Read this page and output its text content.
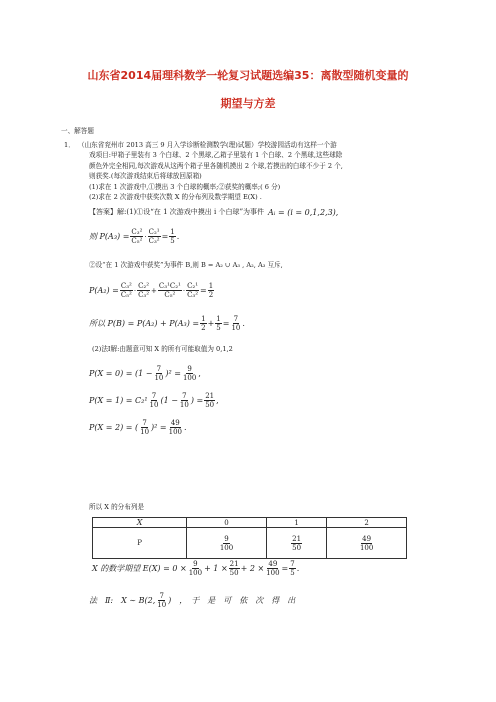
山东省2014届理科数学一轮复习试题选编35：离散型随机变量的
期望与方差
一、解答题
1． （山东省兖州市 2013 高三 9 月入学诊断检测数学(理)试题）学校游园活动有这样一个游
戏项目:甲箱子里装有 3 个白球、2 个黑球,乙箱子里装有 1 个白球、2 个黑球,这些球除
颜色外完全相同,每次游戏从这两个箱子里各随机摸出 2 个球,若摸出的白球不少于 2 个,
则获奖.(每次游戏结束后将球放回原箱)
(1)求在 1 次游戏中,①摸出 3 个白球的概率;②获奖的概率;( 6 分)
(2)求在 2 次游戏中获奖次数 X 的分布列及数学期望 E(X) .
【答案】解:(1)①设“在 1 次游戏中摸出 i 个白球”为事件 Aᵢ = (i = 0,1,2,3),
则 $P(A_3) = \frac{\text{C₃²}}{\text{C₅²}} \cdot \frac{\text{C₂¹}}{\text{C₃²}} = \frac{1}{5}$ .
②设“在 1 次游戏中获奖”为事件 B,则 B = A₂ ∪ A₃ , A₂, A₃ 互斥,
$P(A_2) = \frac{\text{C₃²}}{\text{C₅²}} \cdot \frac{\text{C₂²}}{\text{C₃²}} + \frac{\text{C₃¹C₂¹}}{\text{C₅²}} \cdot \frac{\text{C₂¹}}{\text{C₃²}} = \frac{1}{2}$
所以 $P(B) = P(A_2) + P(A_3) = \frac{1}{2} + \frac{1}{5} = \frac{7}{10}$ .
(2)法Ⅰ解:由题意可知 X 的所有可能取值为 0,1,2
$P(X = 0) = (1 - \frac{7}{10} )^2 = \frac{9}{100}$ ,
$P(X = 1) = C_2^1 \frac{7}{10} (1 - \frac{7}{10}$ ) = $\frac{21}{50}$ ,
P(X = 2) = ( $\frac{7}{10} )^2 = \frac{49}{100}$ .
所以 X 的分布列是
X	0	1	2
P	$\frac{9}{100}$	$\frac{21}{50}$	$\frac{49}{100}$
X 的数学期望 $E(X) = 0 \times \frac{9}{100} + 1 \times \frac{21}{50} + 2 \times \frac{49}{100} = \frac{7}{5}$ .
法　Ⅱ:　X ∼ B(2, $\frac{7}{10}$ )　，　于　是　可　依　次　得　出
